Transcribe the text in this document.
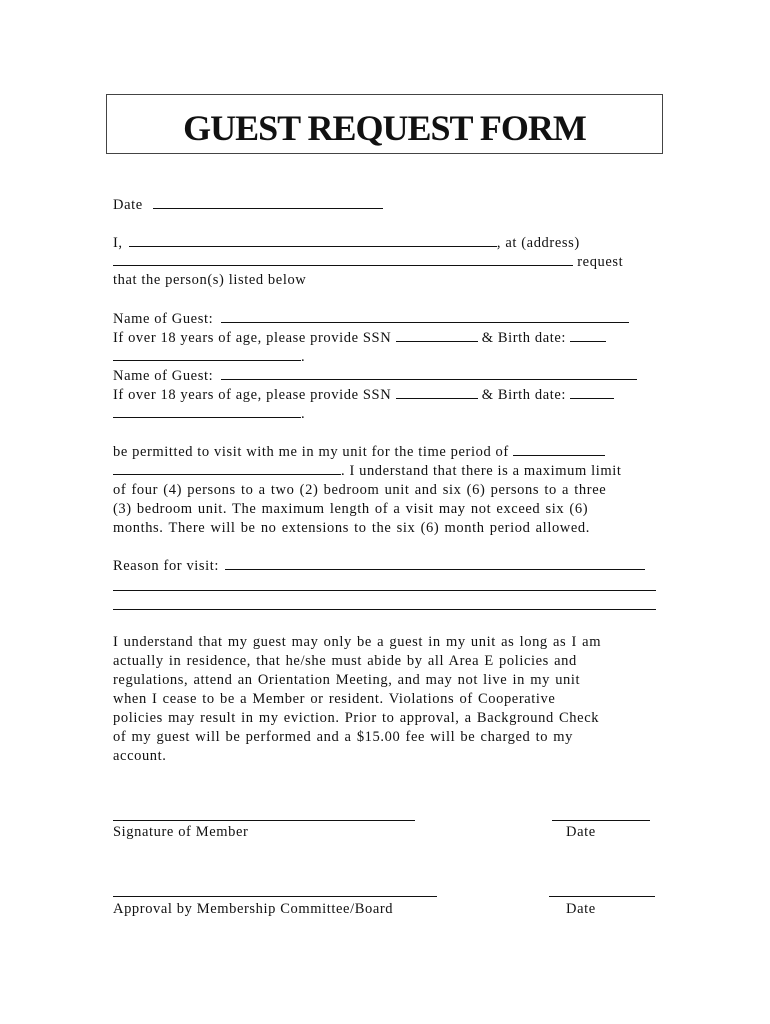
GUEST REQUEST FORM
Date
I,	, at (address)
request
that the person(s) listed below
Name of Guest:
If over 18 years of age, please provide SSN	& Birth date:
.
Name of Guest:
If over 18 years of age, please provide SSN	& Birth date:
.
be permitted to visit with me in my unit for the time period of
. I understand that there is a maximum limit
of four (4) persons to a two (2) bedroom unit and six (6) persons to a three
(3) bedroom unit. The maximum length of a visit may not exceed six (6)
months. There will be no extensions to the six (6) month period allowed.
Reason for visit:
I understand that my guest may only be a guest in my unit as long as I am
actually in residence, that he/she must abide by all Area E policies and
regulations, attend an Orientation Meeting, and may not live in my unit
when I cease to be a Member or resident. Violations of Cooperative
policies may result in my eviction. Prior to approval, a Background Check
of my guest will be performed and a $15.00 fee will be charged to my
account.
Signature of Member	Date
Approval by Membership Committee/Board	Date
